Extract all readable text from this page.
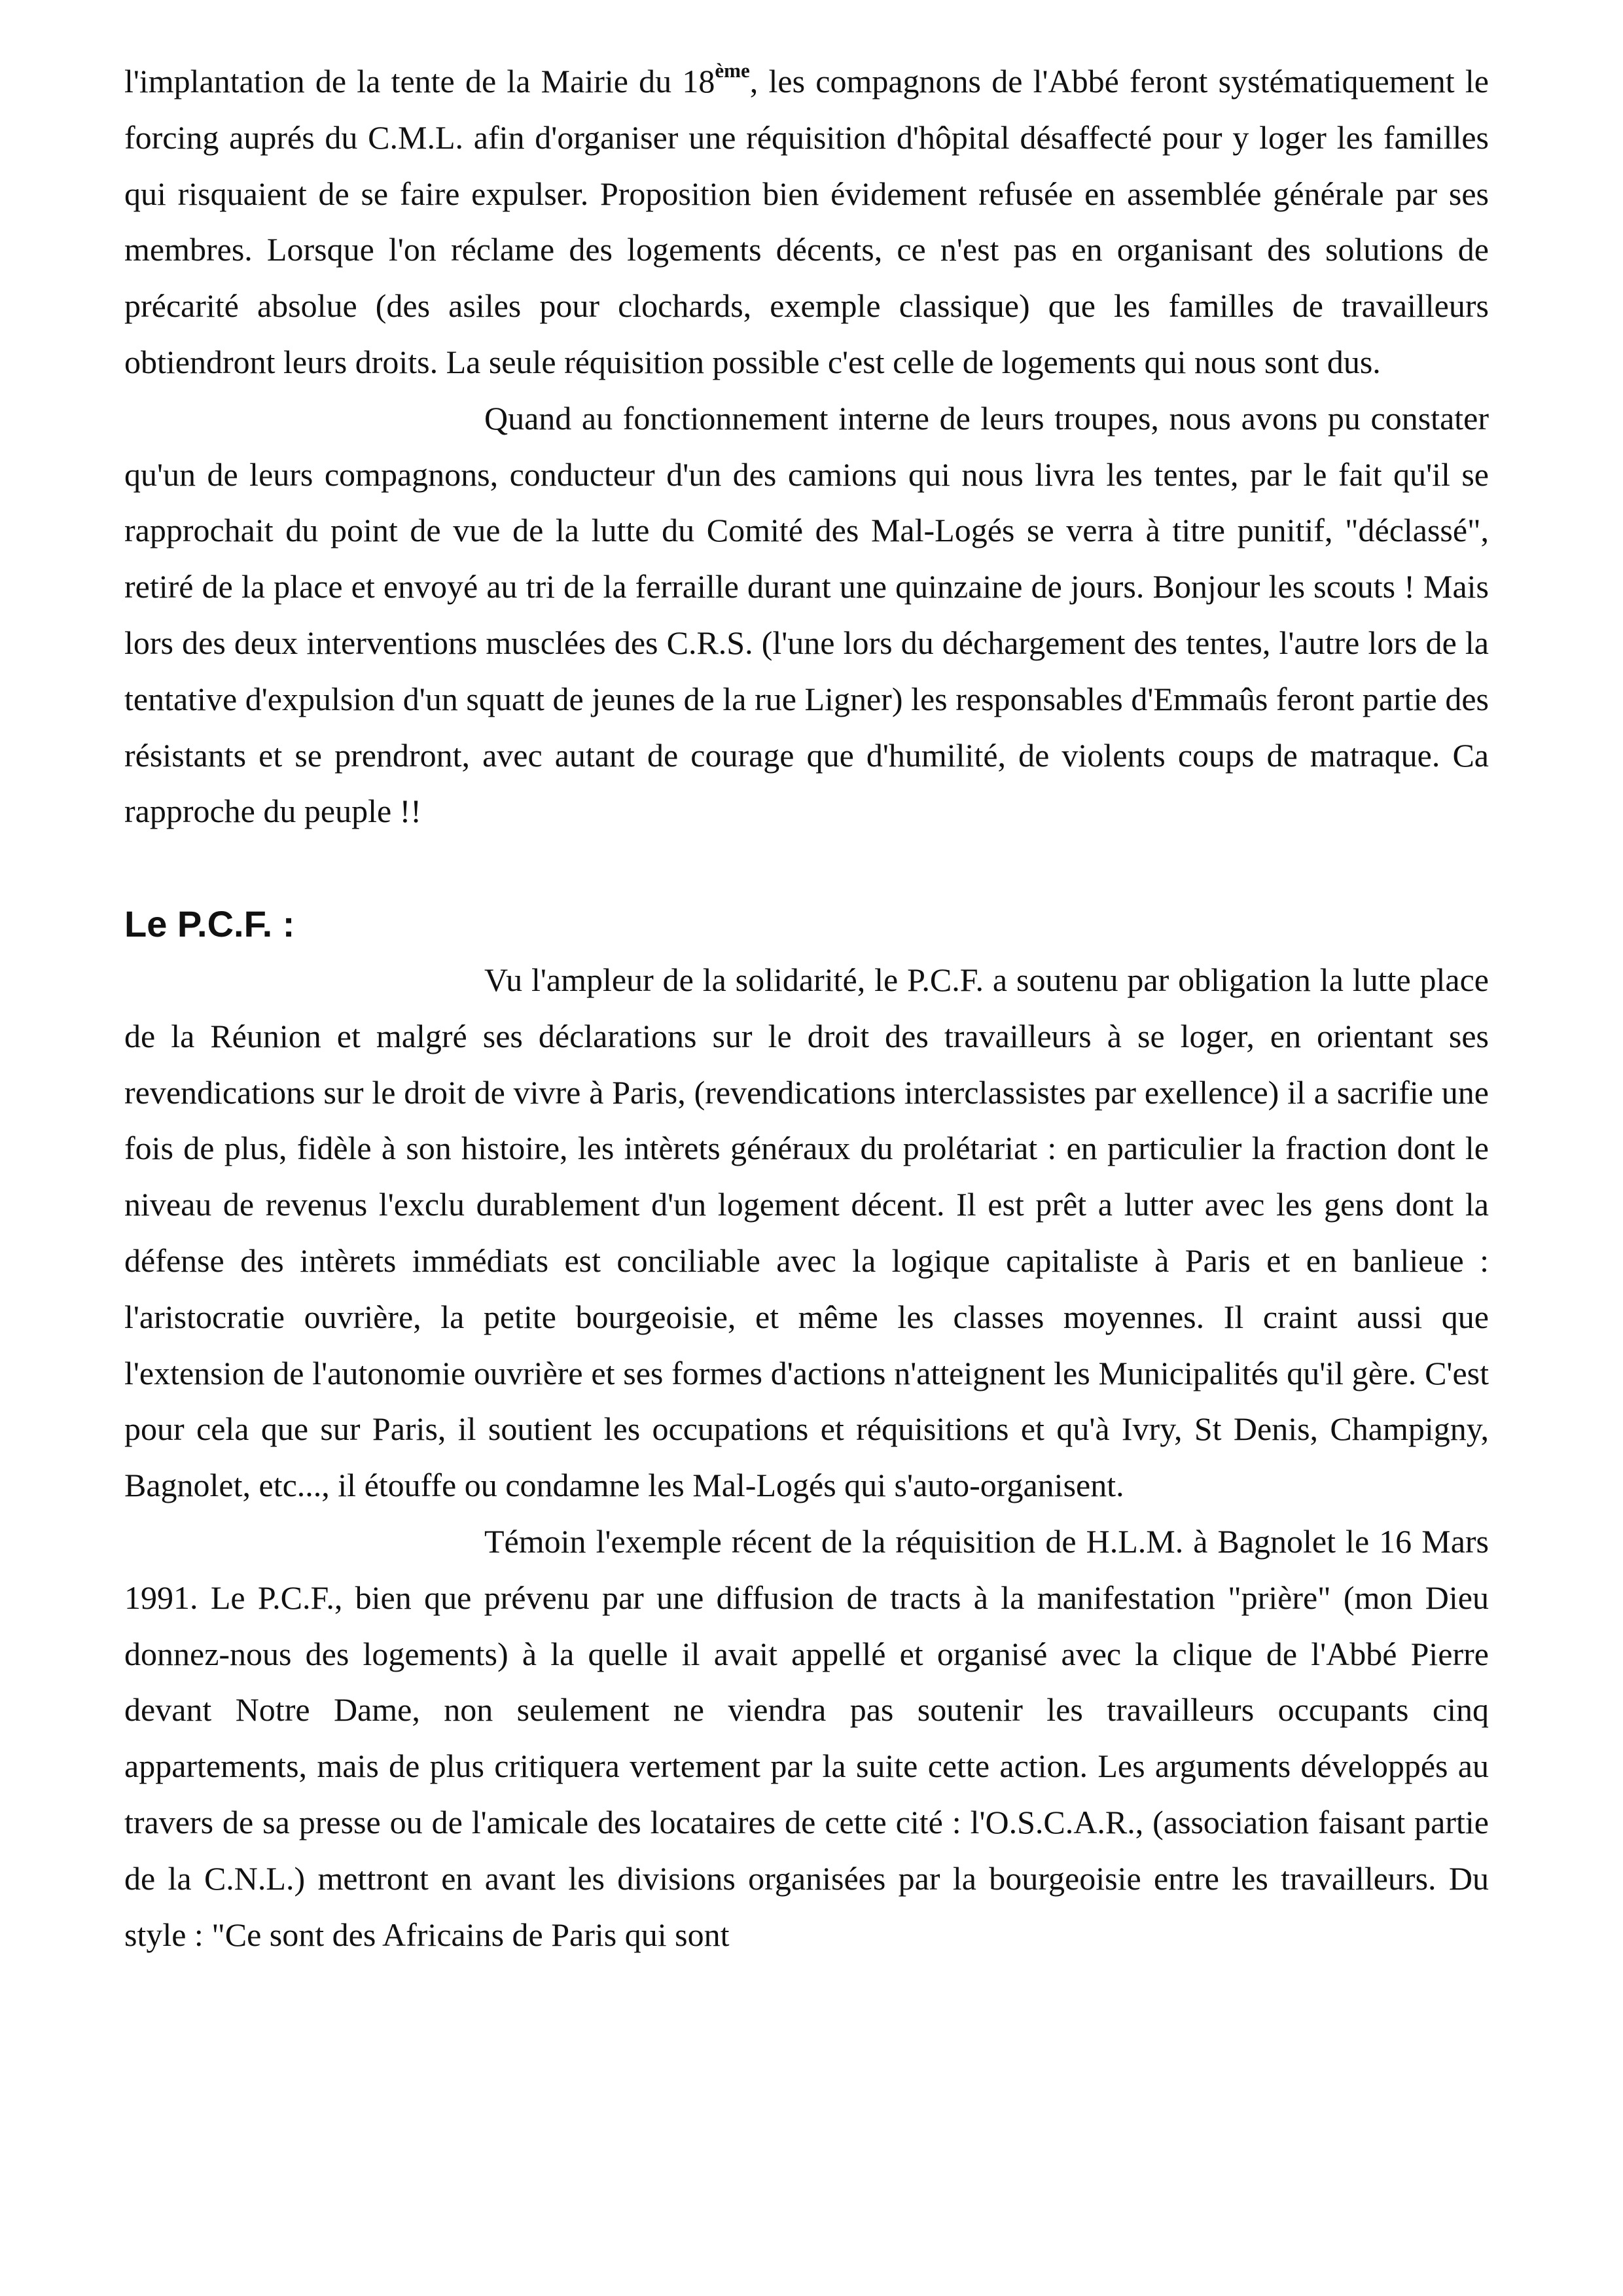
l'implantation de la tente de la Mairie du 18ème, les compagnons de l'Abbé feront systématiquement le forcing auprés du C.M.L. afin d'organiser une réquisition d'hôpital désaffecté pour y loger les familles qui risquaient de se faire expulser. Proposition bien évidement refusée en assemblée générale par ses membres. Lorsque l'on réclame des logements décents, ce n'est pas en organisant des solutions de précarité absolue (des asiles pour clochards, exemple classique) que les familles de travailleurs obtiendront leurs droits. La seule réquisition possible c'est celle de logements qui nous sont dus.

Quand au fonctionnement interne de leurs troupes, nous avons pu constater qu'un de leurs compagnons, conducteur d'un des camions qui nous livra les tentes, par le fait qu'il se rapprochait du point de vue de la lutte du Comité des Mal-Logés se verra à titre punitif, "déclassé", retiré de la place et envoyé au tri de la ferraille durant une quinzaine de jours. Bonjour les scouts ! Mais lors des deux interventions musclées des C.R.S. (l'une lors du déchargement des tentes, l'autre lors de la tentative d'expulsion d'un squatt de jeunes de la rue Ligner) les responsables d'Emmaûs feront partie des résistants et se prendront, avec autant de courage que d'humilité, de violents coups de matraque. Ca rapproche du peuple !!

Le P.C.F. :

Vu l'ampleur de la solidarité, le P.C.F. a soutenu par obligation la lutte place de la Réunion et malgré ses déclarations sur le droit des travailleurs à se loger, en orientant ses revendications sur le droit de vivre à Paris, (revendications interclassistes par exellence) il a sacrifie une fois de plus, fidèle à son histoire, les intèrets généraux du prolétariat : en particulier la fraction dont le niveau de revenus l'exclu durablement d'un logement décent. Il est prêt a lutter avec les gens dont la défense des intèrets immédiats est conciliable avec la logique capitaliste à Paris et en banlieue : l'aristocratie ouvrière, la petite bourgeoisie, et même les classes moyennes. Il craint aussi que l'extension de l'autonomie ouvrière et ses formes d'actions n'atteignent les Municipalités qu'il gère. C'est pour cela que sur Paris, il soutient les occupations et réquisitions et qu'à Ivry, St Denis, Champigny, Bagnolet, etc..., il étouffe ou condamne les Mal-Logés qui s'auto-organisent.

Témoin l'exemple récent de la réquisition de H.L.M. à Bagnolet le 16 Mars 1991. Le P.C.F., bien que prévenu par une diffusion de tracts à la manifestation "prière" (mon Dieu donnez-nous des logements) à la quelle il avait appellé et organisé avec la clique de l'Abbé Pierre devant Notre Dame, non seulement ne viendra pas soutenir les travailleurs occupants cinq appartements, mais de plus critiquera vertement par la suite cette action. Les arguments développés au travers de sa presse ou de l'amicale des locataires de cette cité : l'O.S.C.A.R., (association faisant partie de la C.N.L.) mettront en avant les divisions organisées par la bourgeoisie entre les travailleurs. Du style : "Ce sont des Africains de Paris qui sont
